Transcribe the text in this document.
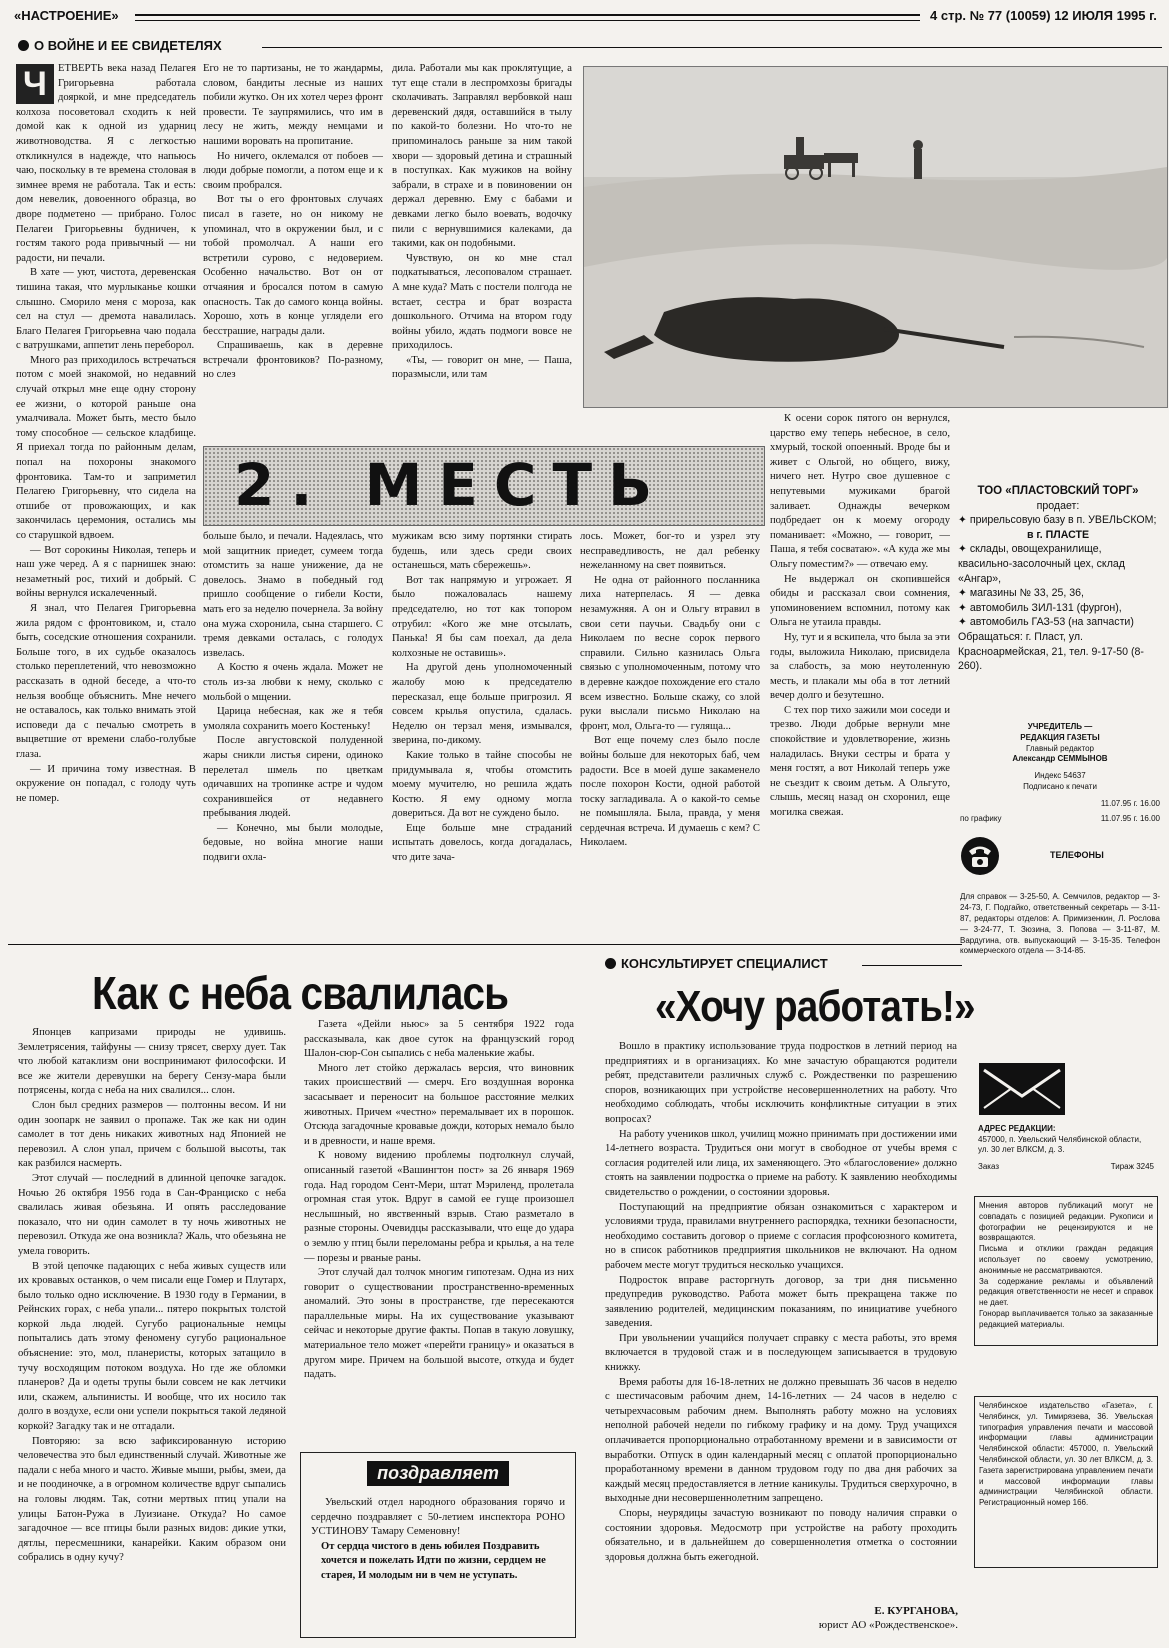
«НАСТРОЕНИЕ»	4 стр. № 77 (10059) 12 ИЮЛЯ 1995 г.
О ВОЙНЕ И ЕЕ СВИДЕТЕЛЯХ
Ч	ЕТВЕРТЬ века назад Пелагея Григорьевна работала дояркой, и мне председатель колхоза посоветовал сходить к ней домой как к одной из ударниц животноводства. Я с легкостью откликнулся в надежде, что напьюсь чаю, поскольку в те времена столовая в зимнее время не работала. Так и есть: дом невелик, довоенного образца, во дворе подметено — прибрано. Голос Пелагеи Григорьевны будничен, к гостям такого рода привычный — ни радости, ни печали.

В хате — уют, чистота, деревенская тишина такая, что мурлыканье кошки слышно. Сморило меня с мороза, как сел на стул — дремота навалилась. Благо Пелагея Григорьевна чаю подала с ватрушками, аппетит лень переборол.

Много раз приходилось встречаться потом с моей знакомой, но недавний случай открыл мне еще одну сторону ее жизни, о которой раньше она умалчивала. Может быть, место было тому способное — сельское кладбище. Я приехал тогда по районным делам, попал на похороны знакомого фронтовика. Там-то и заприметил Пелагею Григорьевну, что сидела на отшибе от провожающих, и как закончилась церемония, остались мы со старушкой вдвоем.

— Вот сорокины Николая, теперь и наш уже черед. А я с парнишек знаю: незаметный рос, тихий и добрый. С войны вернулся искалеченный.

Я знал, что Пелагея Григорьевна жила рядом с фронтовиком, и, стало быть, соседские отношения сохранили. Больше того, в их судьбе оказалось столько переплетений, что невозможно рассказать в одной беседе, а что-то нельзя вообще объяснить. Мне нечего не оставалось, как только внимать этой исповеди да с печалью смотреть в выцветшие от времени слабо-голубые глаза.

— И причина тому известная. В окружение он попадал, с голоду чуть не помер.

Его не то партизаны, не то жандармы, словом, бандиты лесные из наших побили жутко. Он их хотел через фронт провести. Те заупрямились, что им в лесу не жить, между немцами и нашими воровать на пропитание.

Но ничего, оклемался от побоев — люди добрые помогли, а потом еще и к своим пробрался.

Вот ты о его фронтовых случаях писал в газете, но он никому не упоминал, что в окружении был, и с тобой промолчал. А наши его встретили сурово, с недоверием. Особенно начальство. Вот он от отчаяния и бросался потом в самую опасность. Так до самого конца войны. Хорошо, хоть в конце углядели его бесстрашие, награды дали.

Спрашиваешь, как в деревне встречали фронтовиков? По-разному, но слез

дила. Работали мы как проклятущие, а тут еще стали в леспромхозы бригады сколачивать. Заправлял вербовкой наш деревенский дядя, оставшийся в тылу по какой-то болезни. Но что-то не припоминалось раньше за ним такой хвори — здоровый детина и страшный в поступках. Как мужиков на войну забрали, в страхе и в повиновении он держал деревню. Ему с бабами и девками легко было воевать, водочку пили с вернувшимися калеками, да такими, как он подобными.

Чувствую, он ко мне стал подкатываться, лесоповалом страшает. А мне куда? Мать с постели полгода не встает, сестра и брат возраста дошкольного. Отчима на втором году войны убило, ждать подмоги вовсе не приходилось.

«Ты, — говорит он мне, — Паша, поразмысли, или там

2. МЕСТЬ

К осени сорок пятого он вернулся, царство ему теперь небесное, в село, хмурый, тоской опоенный. Вроде бы и живет с Ольгой, но общего, вижу, ничего нет. Нутро свое душевное с непутевыми мужиками брагой заливает. Однажды вечерком подбредает он к моему огороду поманивает: «Можно, — говорит, — Паша, я тебя сосватаю». «А куда же мы Ольгу поместим?» — отвечаю ему.

Не выдержал он скопившейся обиды и рассказал свои сомнения, упоминовением вспомнил, потому как Ольга не утаила правды.

Ну, тут и я вскипела, что была за эти годы, выложила Николаю, присвидела за слабость, за мою неутоленную месть, и плакали мы оба в тот летний вечер долго и безутешно.

С тех пор тихо зажили мои соседи и трезво. Люди добрые вернули мне спокойствие и удовлетворение, жизнь наладилась. Внуки сестры и брата у меня гостят, а вот Николай теперь уже не съездит к своим детьм. А Ольгуто, слышь, месяц назад он схоронил, еще могилка свежая.

больше было, и печали. Надеялась, что мой защитник приедет, сумеем тогда отомстить за наше унижение, да не довелось. Знамо в победный год пришло сообщение о гибели Кости, мать его за неделю почернела. За войну она мужа схоронила, сына старшего. С тремя девками осталась, с голодух извелась.

А Костю я очень ждала. Может не столь из-за любви к нему, сколько с мольбой о мщении.

Царица небесная, как же я тебя умоляла сохранить моего Костеньку!

После августовской полуденной жары сникли листья сирени, одиноко перелетал шмель по цветкам одичавших на тропинке астре и чудом сохранившейся от недавнего пребывания людей.

— Конечно, мы были молодые, бедовые, но война многие наши подвиги охла-

мужикам всю зиму портянки стирать будешь, или здесь среди своих останешься, мать сбережешь».

Вот так напрямую и угрожает. Я было пожаловалась нашему председателю, но тот как топором отрубил: «Кого же мне отсылать, Панька! Я бы сам поехал, да делa колхозные не оставишь».

На другой день уполномоченный жалобу мою к председателю пересказал, еще больше пригрозил. Я совсем крылья опустила, сдалась. Неделю он терзал меня, измывался, зверина, по-дикому.

Какие только в тайне способы не придумывала я, чтобы отомстить моему мучителю, но решила ждать Костю. Я ему одному могла довериться. Да вот не суждено было.

Еще больше мне страданий испытать довелось, когда догадалась, что дите зача-

лось. Может, бог-то и узрел эту несправедливость, не дал ребенку нежеланному на свет появиться.

Не одна от районного посланника лиха натерпелась. Я — девка незамужняя. А он и Ольгу втравил в свои сети паучьи. Свадьбу они с Николаем по весне сорок первого справили. Сильно казнилась Ольга связью с уполномоченным, потому что в деревне каждое похождение его стало всем известно. Больше скажу, со злой руки выслали письмо Николаю на фронт, мол, Ольга-то — гуляща...

Вот еще почему слез было после войны больше для некоторых баб, чем радости. Все в моей душе закаменело после похорон Кости, одной работой тоску загладивала. А о какой-то семье не помышляла. Была, правда, у меня сердечная встреча. И думаешь с кем? С Николаем.

ТОО «ПЛАСТОВСКИЙ ТОРГ»
продает:
✦ прирельсовую базу в п. УВЕЛЬСКОМ;
в г. ПЛАСТЕ
✦ склады, овощехранилище, квасильно-засолочный цех, склад «Ангар»,
✦ магазины № 33, 25, 36,
✦ автомобиль ЗИЛ-131 (фургон),
✦ автомобиль ГАЗ-53 (на запчасти)
Обращаться: г. Пласт, ул. Красноармейская, 21, тел. 9-17-50 (8-260).
УЧРЕДИТЕЛЬ —
РЕДАКЦИЯ ГАЗЕТЫ
Главный редактор
Александр СЕММЫНОВ
Индекс 54637
Подписано к печати
11.07.95 г. 16.00
по графику	11.07.95 г. 16.00
ТЕЛЕФОНЫ
Для справок — 3-25-50, А. Семчилов, редактор — 3-24-73, Г. Подгайко, ответственный секретарь — 3-11-87, редакторы отделов: А. Примизенкин, Л. Рослова — 3-24-77, Т. Зюзина, З. Попова — 3-11-87, М. Вардугина, отв. выпускающий — 3-15-35. Телефон коммерческого отдела — 3-14-85.
АДРЕС РЕДАКЦИИ:
457000, п. Увельский Челябинской области, ул. 30 лет ВЛКСМ, д. 3.
Заказ	Тираж 3245
Мнения авторов публикаций могут не совпадать с позицией редакции. Рукописи и фотографии не рецензируются и не возвращаются.
Письма и отклики граждан редакция использует по своему усмотрению, анонимные не рассматриваются.
За содержание рекламы и объявлений редакция ответственности не несет и справок не дает.
Гонорар выплачивается только за заказанные редакцией материалы.
Челябинское издательство «Газета», г. Челябинск, ул. Тимирязева, 36. Увельская типография управления печати и массовой информации главы администрации Челябинской области: 457000, п. Увельский Челябинской области, ул. 30 лет ВЛКСМ, д. 3. Газета зарегистрирована управлением печати и массовой информации главы администрации Челябинской области. Регистрационный номер 166.
Как с неба свалилась

Японцев капризами природы не удивишь. Землетрясения, тайфуны — снизу трясет, сверху дует. Так что любой катаклизм они воспринимают философски. И все же жители деревушки на берегу Сензу-мара были потрясены, когда с неба на них свалился... слон.

Слон был средних размеров — полтонны весом. И ни один зоопарк не заявил о пропаже. Так же как ни один самолет в тот день никаких животных над Японией не перевозил. А слон упал, причем с большой высоты, так как разбился насмерть.

Этот случай — последний в длинной цепочке загадок. Ночью 26 октября 1956 года в Сан-Франциско с неба свалилась живая обезьяна. И опять расследование показало, что ни один самолет в ту ночь животных не перевозил. Откуда же она возникла? Жаль, что обезьяна не умела говорить.

В этой цепочке падающих с неба живых существ или их кровавых останков, о чем писали еще Гомер и Плутарх, было только одно исключение. В 1930 году в Германии, в Рейнских горах, с неба упали... пятеро покрытых толстой коркой льда людей. Сугубо рациональные немцы попытались дать этому феномену сугубо рациональное объяснение: это, мол, планеристы, которых затащило в тучу восходящим потоком воздуха. Но где же обломки планеров? Да и одеты трупы были совсем не как летчики или, скажем, альпинисты. И вообще, что их носило так долго в воздухе, если они успели покрыться такой ледяной коркой? Загадку так и не отгадали.

Повторяю: за всю зафиксированную историю человечества это был единственный случай. Животные же падали с неба много и часто. Живые мыши, рыбы, змеи, да и не поодиночке, а в огромном количестве вдруг сыпались на головы людям. Так, сотни мертвых птиц упали на улицы Батон-Ружа в Луизиане. Откуда? Но самое загадочное — все птицы были разных видов: дикие утки, дятлы, пересмешники, канарейки. Каким образом они собрались в одну кучу?

Газета «Дейли ньюс» за 5 сентября 1922 года рассказывала, как двое суток на французский город Шалон-сюр-Сон сыпались с неба маленькие жабы.

Много лет стойко держалась версия, что виновник таких происшествий — смерч. Его воздушная воронка засасывает и переносит на большое расстояние мелких животных. Причем «честно» перемалывает их в порошок. Отсюда загадочные кровавые дожди, которых немало было и в древности, и наше время.

К новому видению проблемы подтолкнул случай, описанный газетой «Вашингтон пост» за 26 января 1969 года. Над городом Сент-Мери, штат Мэриленд, пролетала огромная стая уток. Вдруг в самой ее гуще произошел неслышный, но явственный взрыв. Стаю разметало в разные стороны. Очевидцы рассказывали, что еще до удара о землю у птиц были переломаны ребра и крылья, а на теле — порезы и рваные раны.

Этот случай дал толчок многим гипотезам. Одна из них говорит о существовании пространственно-временных аномалий. Это зоны в пространстве, где пересекаются параллельные миры. На их существование указывают сейчас и некоторые другие факты. Попав в такую ловушку, материальное тело может «перейти границу» и оказаться в другом мире. Причем на большой высоте, откуда и будет падать.

поздравляет

Увельский отдел народного образования горячо и сердечно поздравляет с 50-летием инспектора РОНО УСТИНОВУ Тамару Семеновну!

От сердца чистого в день юбилея Поздравить хочется и пожелать Идти по жизни, сердцем не старея, И молодым ни в чем не уступать.

КОНСУЛЬТИРУЕТ СПЕЦИАЛИСТ
«Хочу работать!»

Вошло в практику использование труда подростков в летний период на предприятиях и в организациях. Ко мне зачастую обращаются родители ребят, представители различных служб с. Рождественки по разрешению споров, возникающих при устройстве несовершеннолетних на работу. Что необходимо соблюдать, чтобы исключить конфликтные ситуации в этих вопросах?

На работу учеников школ, училищ можно принимать при достижении ими 14-летнего возраста. Трудиться они могут в свободное от учебы время с согласия родителей или лица, их заменяющего. Это «благословение» должно стоять на заявлении подростка о приеме на работу. К заявлению необходимы свидетельство о рождении, о состоянии здоровья.

Поступающий на предприятие обязан ознакомиться с характером и условиями труда, правилами внутреннего распорядка, техники безопасности, необходимо составить договор о приеме с согласия профсоюзного комитета, но в список работников предприятия школьников не включают. На одном рабочем месте могут трудиться несколько учащихся.

Подросток вправе расторгнуть договор, за три дня письменно предупредив руководство. Работа может быть прекращена также по заявлению родителей, медицинским показаниям, по инициативе учебного заведения.

При увольнении учащийся получает справку с места работы, это время включается в трудовой стаж и в последующем записывается в трудовую книжку.

Время работы для 16-18-летних не должно превышать 36 часов в неделю с шестичасовым рабочим днем, 14-16-летних — 24 часов в неделю с четырехчасовым рабочим днем. Выполнять работу можно на условиях неполной рабочей недели по гибкому графику и на дому. Труд учащихся оплачивается пропорционально отработанному времени и в зависимости от выработки. Отпуск в один календарный месяц с оплатой пропорционально проработанному времени в данном трудовом году по два дня рабочих за каждый месяц предоставляется в летние каникулы. Трудиться сверхурочно, в выходные дни несовершеннолетним запрещено.

Споры, неурядицы зачастую возникают по поводу наличия справки о состоянии здоровья. Медосмотр при устройстве на работу проходить обязательно, и в дальнейшем до совершеннолетия отметка о состоянии здоровья должна быть ежегодной.

Е. КУРГАНОВА,
юрист АО «Рождественское».
